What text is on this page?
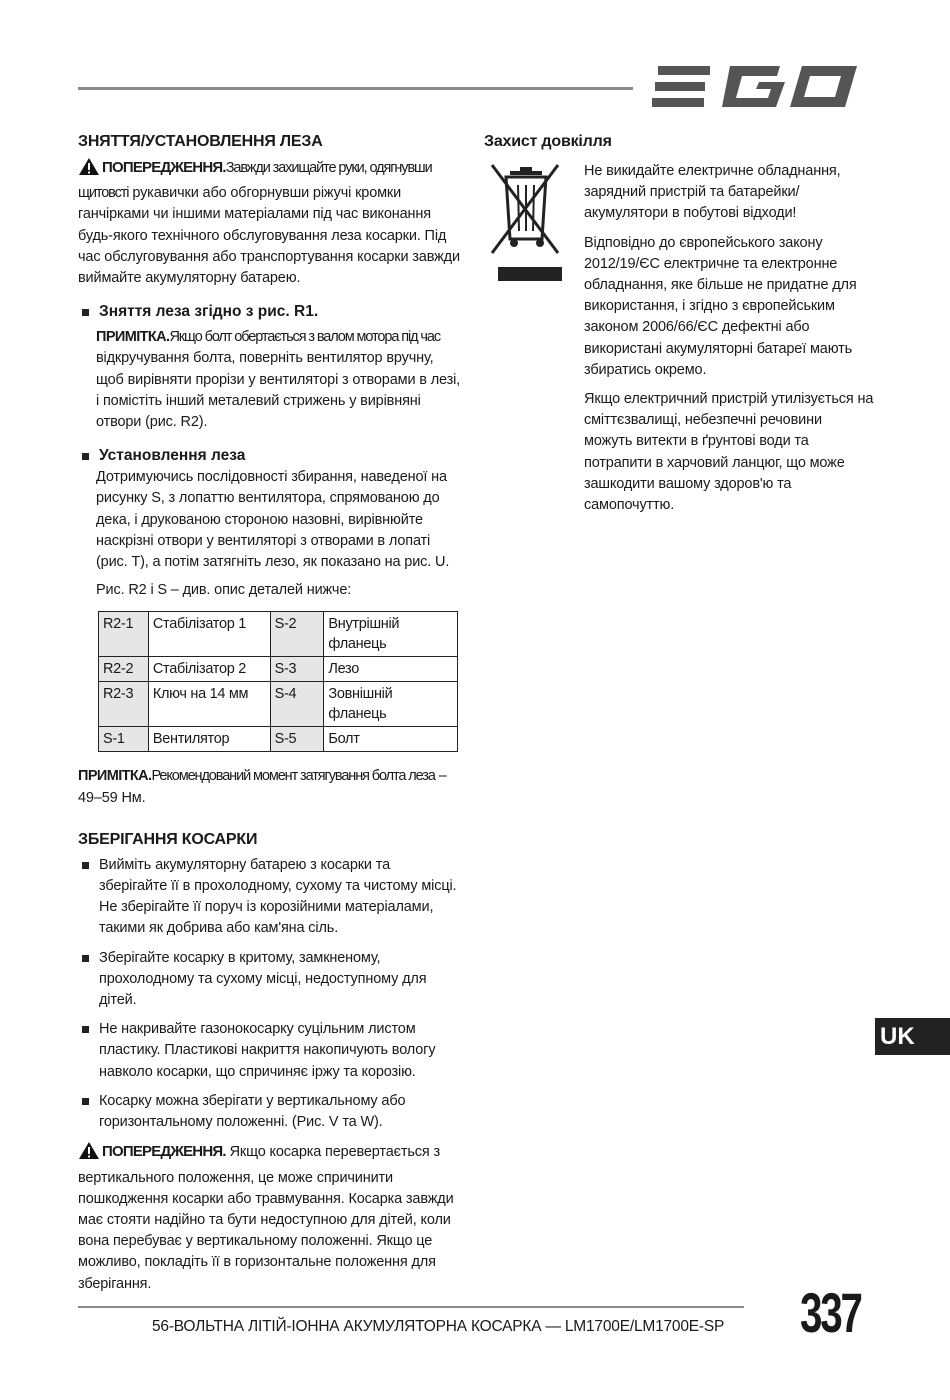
ЗНЯТТЯ/УСТАНОВЛЕННЯ ЛЕЗА

ПОПЕРЕДЖЕННЯ.Завжди захищайте руки, одягнувши щитовсті рукавички або обгорнувши ріжучі кромки ганчірками чи іншими матеріалами під час виконання будь-якого технічного обслуговування леза косарки. Під час обслуговування або транспортування косарки завжди виймайте акумуляторну батарею.

Зняття леза згідно з рис. R1.

ПРИМІТКА.Якщо болт обертається з валом мотора під час відкручування болта, поверніть вентилятор вручну, щоб вирівняти прорізи у вентиляторі з отворами в лезі, і помістіть інший металевий стрижень у вирівняні отвори (рис. R2).

Установлення леза

Дотримуючись послідовності збирання, наведеної на рисунку S, з лопаттю вентилятора, спрямованою до дека, і друкованою стороною назовні, вирівнюйте наскрізні отвори у вентиляторі з отворами в лопаті (рис. T), а потім затягніть лезо, як показано на рис. U.

Рис. R2 і S – див. опис деталей нижче:

R2-1	Стабілізатор 1	S-2	Внутрішній фланець
R2-2	Стабілізатор 2	S-3	Лезо
R2-3	Ключ на 14 мм	S-4	Зовнішній фланець
S-1	Вентилятор	S-5	Болт

ПРИМІТКА.Рекомендований момент затягування болта леза – 49–59 Нм.

ЗБЕРІГАННЯ КОСАРКИ
Вийміть акумуляторну батарею з косарки та зберігайте її в прохолодному, сухому та чистому місці. Не зберігайте її поруч із корозійними матеріалами, такими як добрива або кам'яна сіль.
Зберігайте косарку в критому, замкненому, прохолодному та сухому місці, недоступному для дітей.
Не накривайте газонокосарку суцільним листом пластику. Пластикові накриття накопичують вологу навколо косарки, що спричиняє іржу та корозію.
Косарку можна зберігати у вертикальному або горизонтальному положенні. (Рис. V та W).

ПОПЕРЕДЖЕННЯ. Якщо косарка перевертається з вертикального положення, це може спричинити пошкодження косарки або травмування. Косарка завжди має стояти надійно та бути недоступною для дітей, коли вона перебуває у вертикальному положенні. Якщо це можливо, покладіть її в горизонтальне положення для зберігання.

Захист довкілля

Не викидайте електричне обладнання, зарядний пристрій та батарейки/ акумулятори в побутові відходи!

Відповідно до європейського закону 2012/19/ЄС електричне та електронне обладнання, яке більше не придатне для використання, і згідно з європейським законом 2006/66/ЄС дефектні або використані акумуляторні батареї мають збиратись окремо.

Якщо електричний пристрій утилізується на сміттєзвалищі, небезпечні речовини можуть витекти в ґрунтові води та потрапити в харчовий ланцюг, що може зашкодити вашому здоров'ю та самопочуттю.

UK
56-ВОЛЬТНА ЛІТІЙ-ІОННА АКУМУЛЯТОРНА КОСАРКА — LM1700E/LM1700E-SP 337
